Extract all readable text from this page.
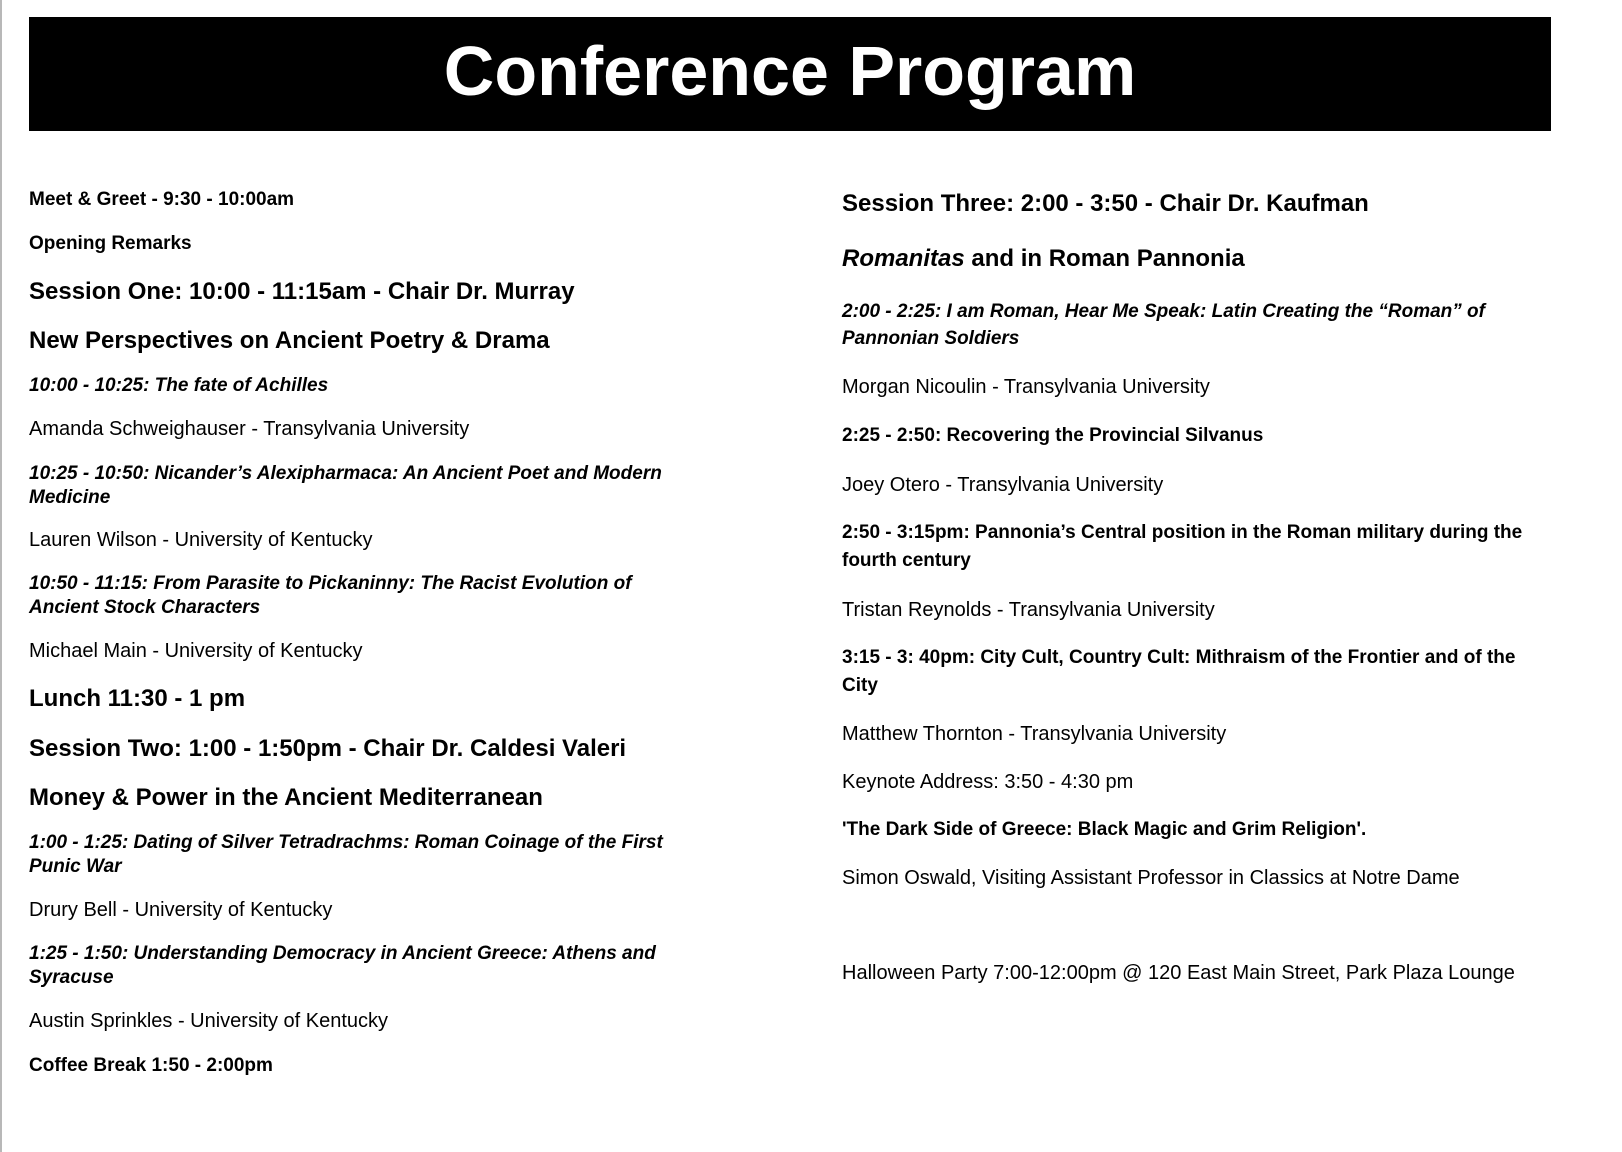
Conference Program

Meet & Greet - 9:30 - 10:00am

Opening Remarks

Session One: 10:00 - 11:15am - Chair Dr. Murray

New Perspectives on Ancient Poetry & Drama

10:00 - 10:25: The fate of Achilles

Amanda Schweighauser - Transylvania University

10:25 - 10:50: Nicander’s Alexipharmaca: An Ancient Poet and Modern Medicine

Lauren Wilson - University of Kentucky

10:50 - 11:15: From Parasite to Pickaninny: The Racist Evolution of Ancient Stock Characters

Michael Main - University of Kentucky

Lunch 11:30 - 1 pm

Session Two: 1:00 - 1:50pm - Chair Dr. Caldesi Valeri

Money & Power in the Ancient Mediterranean

1:00 - 1:25: Dating of Silver Tetradrachms: Roman Coinage of the First Punic War

Drury Bell - University of Kentucky

1:25 - 1:50: Understanding Democracy in Ancient Greece: Athens and Syracuse

Austin Sprinkles - University of Kentucky

Coffee Break 1:50 - 2:00pm

Session Three: 2:00 - 3:50 - Chair Dr. Kaufman

Romanitas and in Roman Pannonia

2:00 - 2:25: I am Roman, Hear Me Speak: Latin Creating the “Roman” of Pannonian Soldiers

Morgan Nicoulin - Transylvania University

2:25 - 2:50: Recovering the Provincial Silvanus

Joey Otero - Transylvania University

2:50 - 3:15pm: Pannonia’s Central position in the Roman military during the fourth century

Tristan Reynolds - Transylvania University

3:15 - 3: 40pm: City Cult, Country Cult: Mithraism of the Frontier and of the City

Matthew Thornton - Transylvania University

Keynote Address: 3:50 - 4:30 pm

'The Dark Side of Greece: Black Magic and Grim Religion'.

Simon Oswald, Visiting Assistant Professor in Classics at Notre Dame

Halloween Party 7:00-12:00pm @ 120 East Main Street, Park Plaza Lounge
